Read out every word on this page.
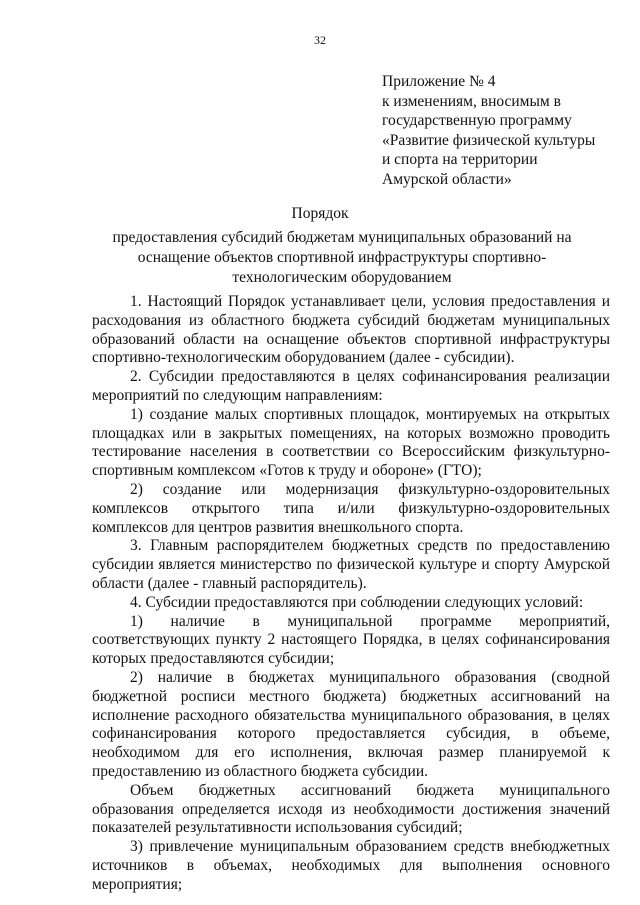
32
Приложение № 4
к изменениям, вносимым в
государственную программу
«Развитие физической культуры
и спорта на территории
Амурской области»
Порядок
предоставления субсидий бюджетам муниципальных образований на оснащение объектов спортивной инфраструктуры спортивно-технологическим оборудованием

1. Настоящий Порядок устанавливает цели, условия предоставления и расходования из областного бюджета субсидий бюджетам муниципальных образований области на оснащение объектов спортивной инфраструктуры спортивно-технологическим оборудованием (далее - субсидии).

2. Субсидии предоставляются в целях софинансирования реализации мероприятий по следующим направлениям:

1) создание малых спортивных площадок, монтируемых на открытых площадках или в закрытых помещениях, на которых возможно проводить тестирование населения в соответствии со Всероссийским физкультурно-спортивным комплексом «Готов к труду и обороне» (ГТО);

2) создание или модернизация физкультурно-оздоровительных комплексов открытого типа и/или физкультурно-оздоровительных комплексов для центров развития внешкольного спорта.

3. Главным распорядителем бюджетных средств по предоставлению субсидии является министерство по физической культуре и спорту Амурской области (далее - главный распорядитель).

4. Субсидии предоставляются при соблюдении следующих условий:

1) наличие в муниципальной программе мероприятий, соответствующих пункту 2 настоящего Порядка, в целях софинансирования которых предоставляются субсидии;

2) наличие в бюджетах муниципального образования (сводной бюджетной росписи местного бюджета) бюджетных ассигнований на исполнение расходного обязательства муниципального образования, в целях софинансирования которого предоставляется субсидия, в объеме, необходимом для его исполнения, включая размер планируемой к предоставлению из областного бюджета субсидии.

Объем бюджетных ассигнований бюджета муниципального образования определяется исходя из необходимости достижения значений показателей результативности использования субсидий;

3) привлечение муниципальным образованием средств внебюджетных источников в объемах, необходимых для выполнения основного мероприятия;
